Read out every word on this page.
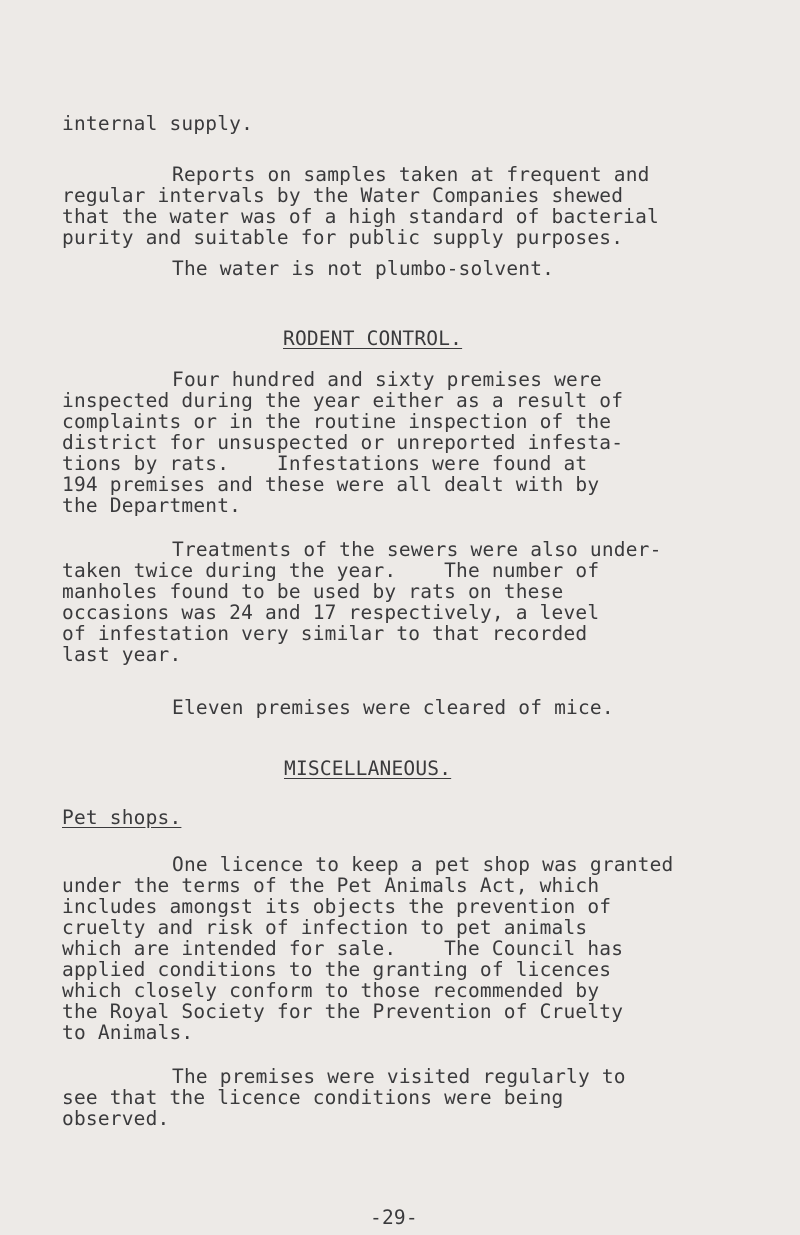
internal supply.
Reports on samples taken at frequent and
regular intervals by the Water Companies shewed
that the water was of a high standard of bacterial
purity and suitable for public supply purposes.
The water is not plumbo-solvent.
RODENT CONTROL.
Four hundred and sixty premises were
inspected during the year either as a result of
complaints or in the routine inspection of the
district for unsuspected or unreported infesta-
tions by rats.    Infestations were found at
194 premises and these were all dealt with by
the Department.
Treatments of the sewers were also under-
taken twice during the year.    The number of
manholes found to be used by rats on these
occasions was 24 and 17 respectively, a level
of infestation very similar to that recorded
last year.
Eleven premises were cleared of mice.
MISCELLANEOUS.
Pet shops.
One licence to keep a pet shop was granted
under the terms of the Pet Animals Act, which
includes amongst its objects the prevention of
cruelty and risk of infection to pet animals
which are intended for sale.    The Council has
applied conditions to the granting of licences
which closely conform to those recommended by
the Royal Society for the Prevention of Cruelty
to Animals.
The premises were visited regularly to
see that the licence conditions were being
observed.
-29-
